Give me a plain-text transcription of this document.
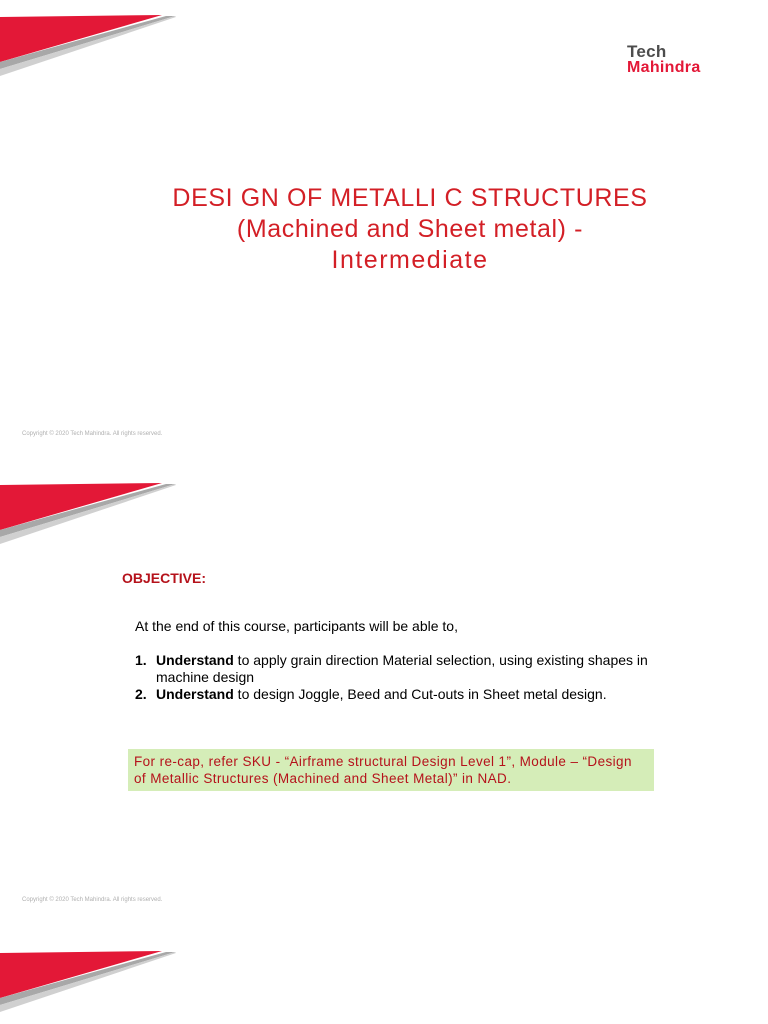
Tech
Mahindra
DESI GN OF METALLI C STRUCTURES
(Machined and Sheet metal) -
Intermediate
Copyright © 2020 Tech Mahindra. All rights reserved.
OBJECTIVE:
At the end of this course, participants will be able to,
1. Understand to apply grain direction Material selection, using existing shapes in machine design
2. Understand to design Joggle, Beed and Cut-outs in Sheet metal design.
For re-cap, refer SKU - “Airframe structural Design Level 1”, Module – “Design of Metallic Structures (Machined and Sheet Metal)” in NAD.
Copyright © 2020 Tech Mahindra. All rights reserved.
